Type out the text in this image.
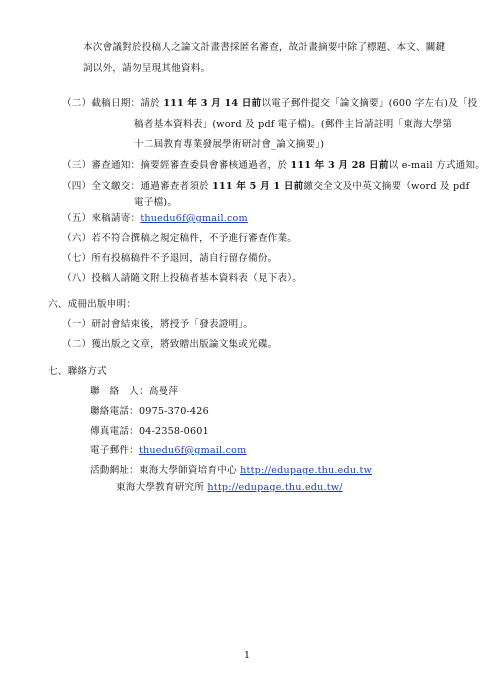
本次會議對於投稿人之論文計畫書採匿名審查，故計畫摘要中除了標題、本文、關鍵
詞以外，請勿呈現其他資料。
（二）截稿日期：請於 111 年 3 月 14 日前以電子郵件提交「論文摘要」(600 字左右)及「投
稿者基本資料表」(word 及 pdf 電子檔)。(郵件主旨請註明「東海大學第
十二屆教育專業發展學術研討會_論文摘要」)
（三）審查通知：摘要經審查委員會審核通過者，於 111 年 3 月 28 日前以 e-mail 方式通知。
（四）全文繳交：通過審查者須於 111 年 5 月 1 日前繳交全文及中英文摘要（word 及 pdf
電子檔)。
（五）來稿請寄：thuedu6f@gmail.com
（六）若不符合撰稿之規定稿件，不予進行審查作業。
（七）所有投稿稿件不予退回，請自行留存備份。
（八）投稿人請隨文附上投稿者基本資料表（見下表）。
六、成冊出版申明：
（一）研討會結束後，將授予「發表證明」。
（二）獲出版之文章，將致贈出版論文集或光碟。
七、聯絡方式
聯　絡　人：高曼萍
聯絡電話：0975-370-426
傳真電話：04-2358-0601
電子郵件：thuedu6f@gmail.com
活動網址：東海大學師資培育中心 http://edupage.thu.edu.tw
東海大學教育研究所 http://edupage.thu.edu.tw/
1
